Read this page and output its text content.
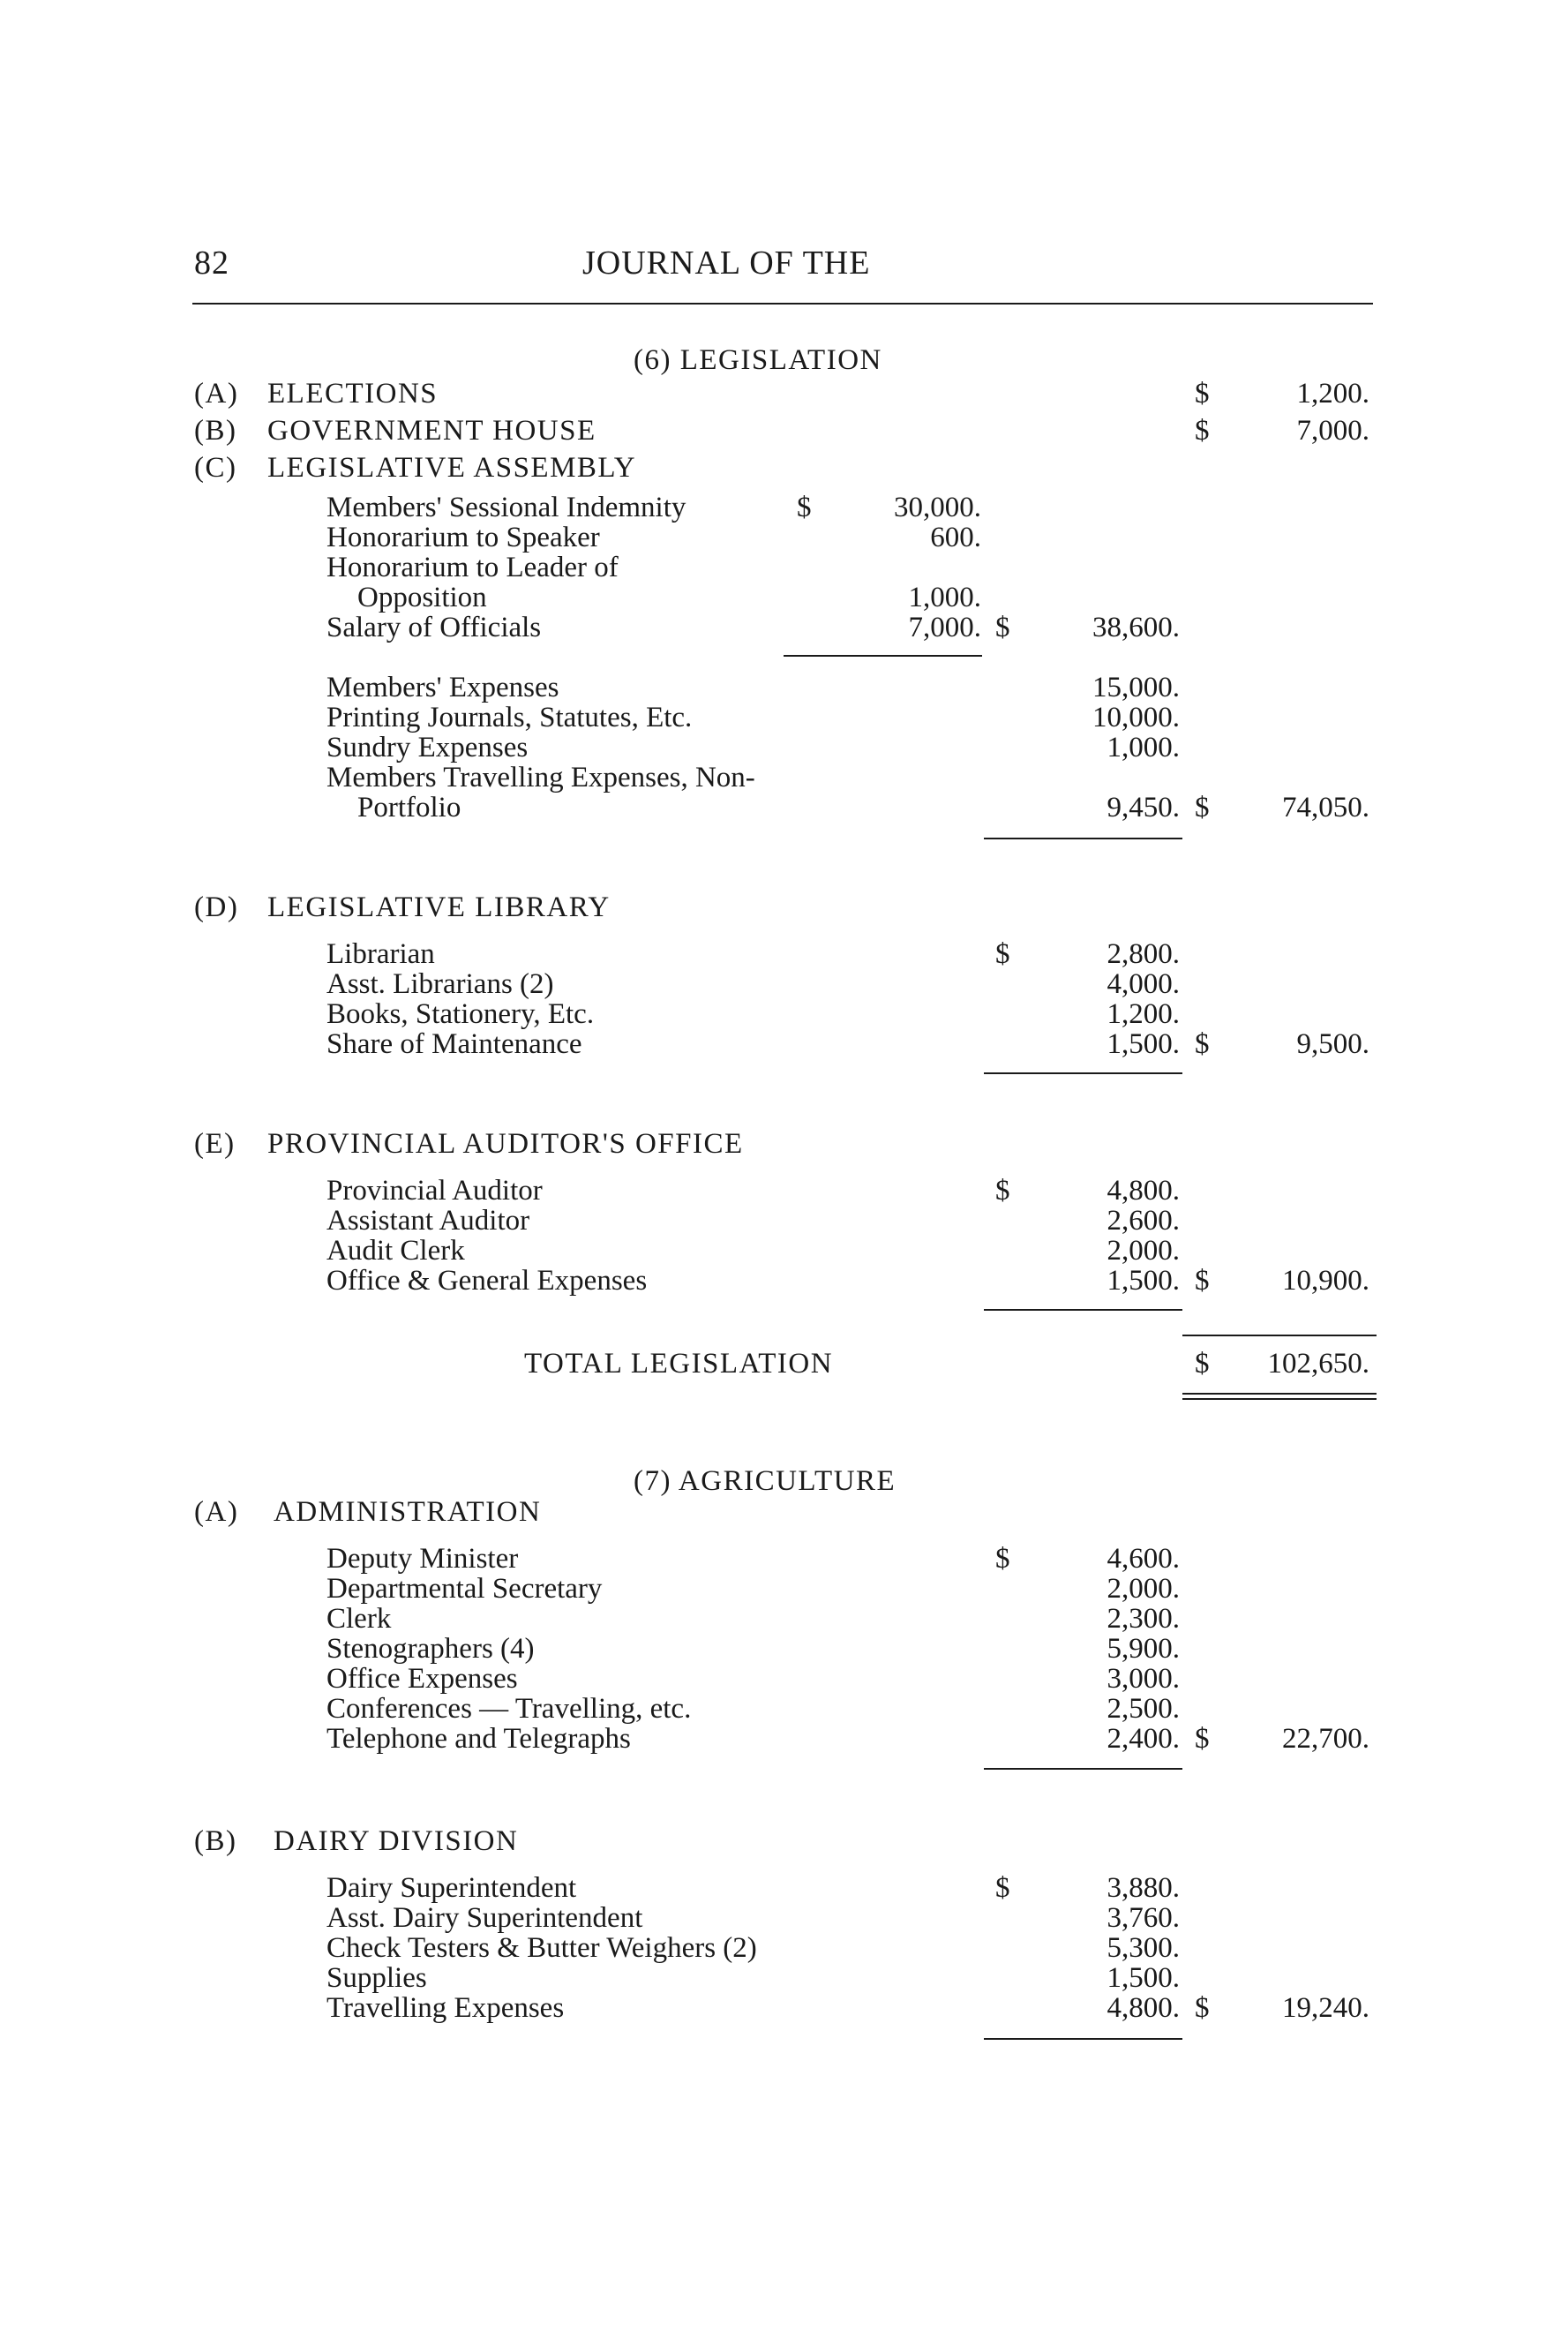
82	JOURNAL OF THE
(6) LEGISLATION
(A) ELECTIONS	$	1,200.
(B) GOVERNMENT HOUSE	$	7,000.
(C) LEGISLATIVE ASSEMBLY
Members' Sessional Indemnity	$	30,000.
Honorarium to Speaker	600.
Honorarium to Leader of
Opposition	1,000.
Salary of Officials	7,000. $	38,600.
Members' Expenses	15,000.
Printing Journals, Statutes, Etc.	10,000.
Sundry Expenses	1,000.
Members Travelling Expenses, Non-
Portfolio	9,450. $	74,050.
(D) LEGISLATIVE LIBRARY
Librarian	$	2,800.
Asst. Librarians (2)	4,000.
Books, Stationery, Etc.	1,200.
Share of Maintenance	1,500. $	9,500.
(E) PROVINCIAL AUDITOR'S OFFICE
Provincial Auditor	$	4,800.
Assistant Auditor	2,600.
Audit Clerk	2,000.
Office & General Expenses	1,500. $	10,900.
TOTAL LEGISLATION	$ 102,650.
(7) AGRICULTURE
(A) ADMINISTRATION
Deputy Minister	$	4,600.
Departmental Secretary	2,000.
Clerk	2,300.
Stenographers (4)	5,900.
Office Expenses	3,000.
Conferences — Travelling, etc.	2,500.
Telephone and Telegraphs	2,400. $	22,700.
(B) DAIRY DIVISION
Dairy Superintendent	$	3,880.
Asst. Dairy Superintendent	3,760.
Check Testers & Butter Weighers (2)	5,300.
Supplies	1,500.
Travelling Expenses	4,800. $	19,240.
